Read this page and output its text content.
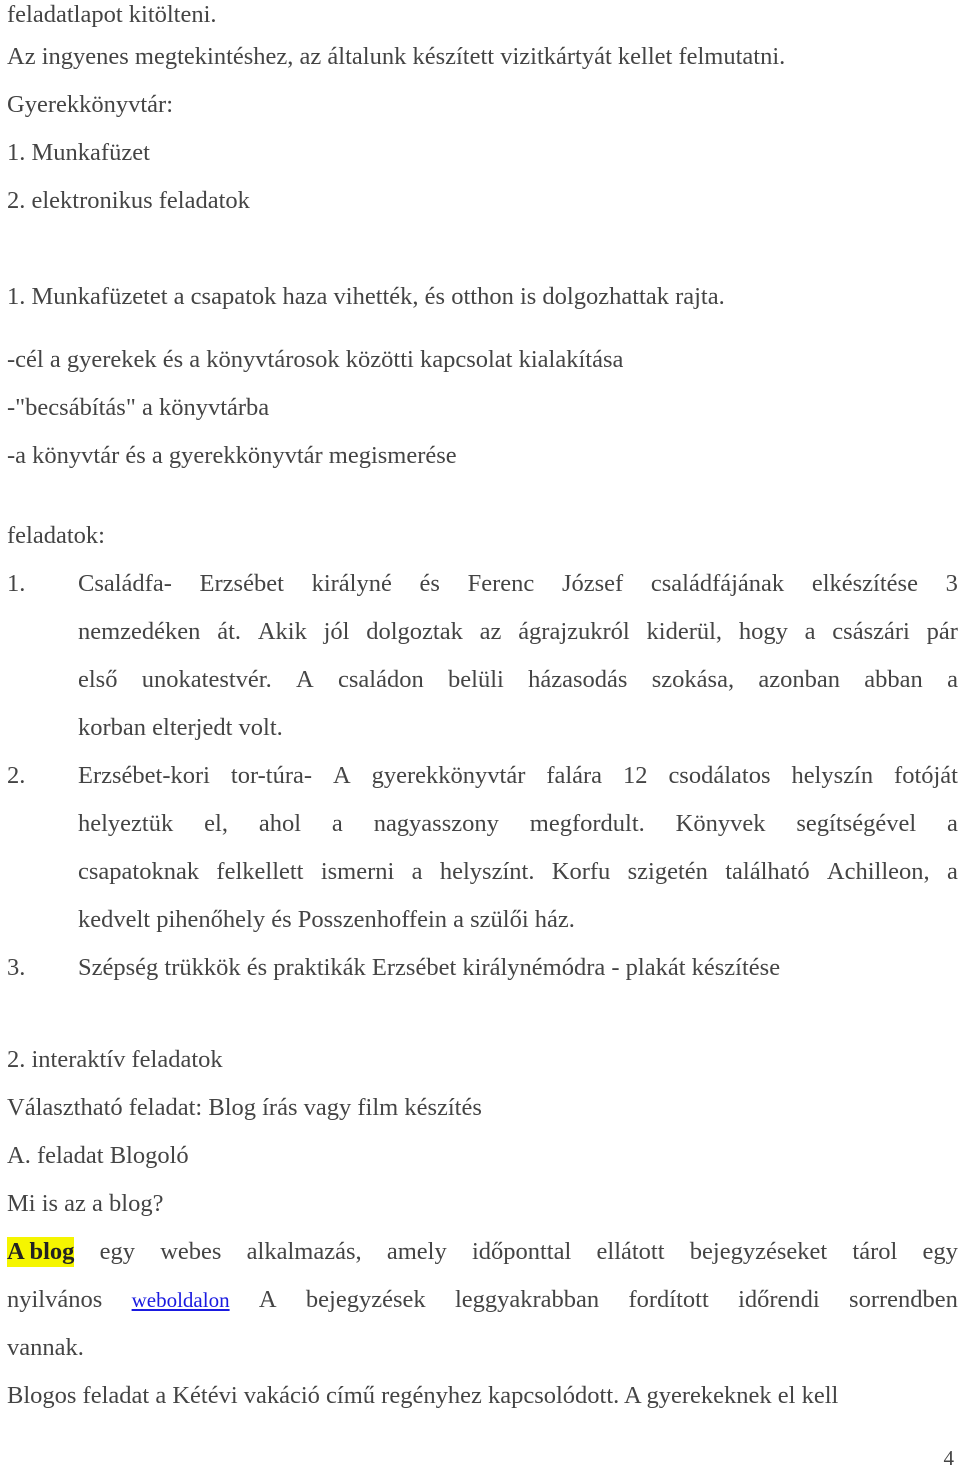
feladatlapot kitölteni.
Az ingyenes megtekintéshez, az általunk készített vizitkártyát kellet felmutatni.
Gyerekkönyvtár:
1. Munkafüzet
2. elektronikus feladatok
1. Munkafüzetet a csapatok haza vihették, és otthon is dolgozhattak rajta.
-cél a gyerekek és a könyvtárosok közötti kapcsolat kialakítása
-"becsábítás" a könyvtárba
-a könyvtár és a gyerekkönyvtár megismerése
feladatok:
1. Családfa- Erzsébet királyné és Ferenc József családfájának elkészítése 3
nemzedéken át. Akik jól dolgoztak az ágrajzukról kiderül, hogy a császári pár
első unokatestvér. A családon belüli házasodás szokása, azonban abban a
korban elterjedt volt.
2. Erzsébet-kori tor-túra- A gyerekkönyvtár falára 12 csodálatos helyszín fotóját
helyeztük el, ahol a nagyasszony megfordult. Könyvek segítségével a
csapatoknak felkellett ismerni a helyszínt. Korfu szigetén található Achilleon, a
kedvelt pihenőhely és Posszenhoffein a szülői ház.
3. Szépség trükkök és praktikák Erzsébet királynémódra - plakát készítése
2. interaktív feladatok
Választható feladat: Blog írás vagy film készítés
A. feladat Blogoló
Mi is az a blog?
A blog egy webes alkalmazás, amely időponttal ellátott bejegyzéseket tárol egy
nyilvános weboldalon A bejegyzések leggyakrabban fordított időrendi sorrendben
vannak.
Blogos feladat a Kétévi vakáció című regényhez kapcsolódott. A gyerekeknek el kell
4
